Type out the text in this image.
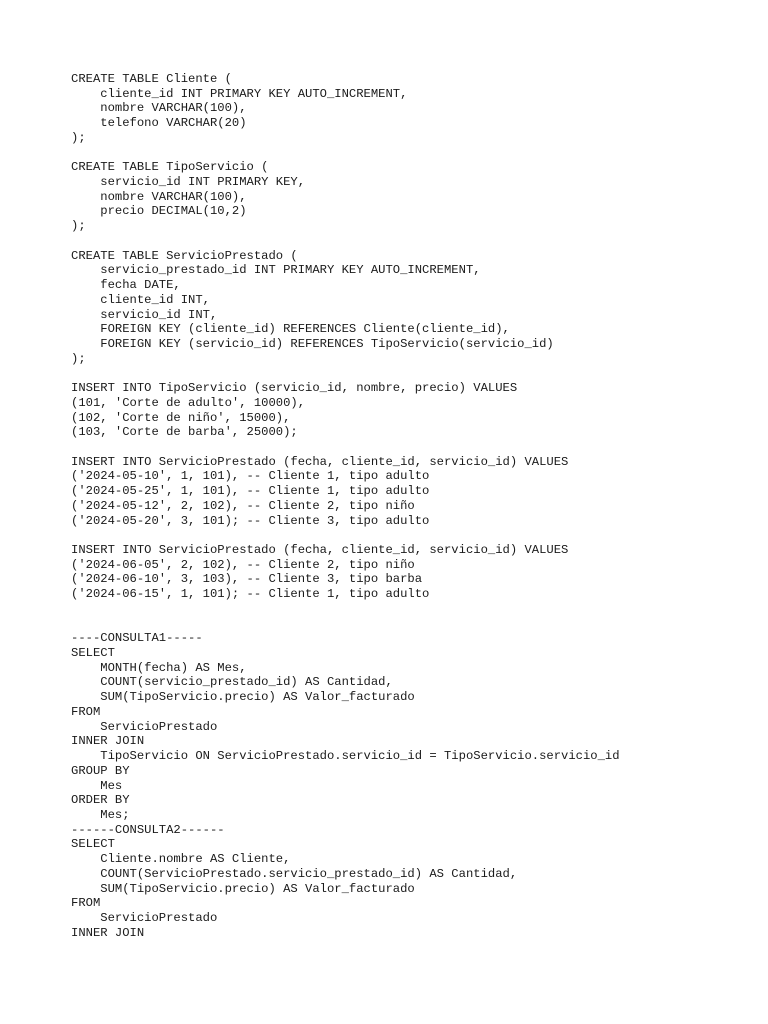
CREATE TABLE Cliente (
cliente_id INT PRIMARY KEY AUTO_INCREMENT,
nombre VARCHAR(100),
telefono VARCHAR(20)
);
CREATE TABLE TipoServicio (
servicio_id INT PRIMARY KEY,
nombre VARCHAR(100),
precio DECIMAL(10,2)
);
CREATE TABLE ServicioPrestado (
servicio_prestado_id INT PRIMARY KEY AUTO_INCREMENT,
fecha DATE,
cliente_id INT,
servicio_id INT,
FOREIGN KEY (cliente_id) REFERENCES Cliente(cliente_id),
FOREIGN KEY (servicio_id) REFERENCES TipoServicio(servicio_id)
);
INSERT INTO TipoServicio (servicio_id, nombre, precio) VALUES
(101, 'Corte de adulto', 10000),
(102, 'Corte de niño', 15000),
(103, 'Corte de barba', 25000);
INSERT INTO ServicioPrestado (fecha, cliente_id, servicio_id) VALUES
('2024-05-10', 1, 101), -- Cliente 1, tipo adulto
('2024-05-25', 1, 101), -- Cliente 1, tipo adulto
('2024-05-12', 2, 102), -- Cliente 2, tipo niño
('2024-05-20', 3, 101); -- Cliente 3, tipo adulto
INSERT INTO ServicioPrestado (fecha, cliente_id, servicio_id) VALUES
('2024-06-05', 2, 102), -- Cliente 2, tipo niño
('2024-06-10', 3, 103), -- Cliente 3, tipo barba
('2024-06-15', 1, 101); -- Cliente 1, tipo adulto
----CONSULTA1-----
SELECT
MONTH(fecha) AS Mes,
COUNT(servicio_prestado_id) AS Cantidad,
SUM(TipoServicio.precio) AS Valor_facturado
FROM
ServicioPrestado
INNER JOIN
TipoServicio ON ServicioPrestado.servicio_id = TipoServicio.servicio_id
GROUP BY
Mes
ORDER BY
Mes;
------CONSULTA2------
SELECT
Cliente.nombre AS Cliente,
COUNT(ServicioPrestado.servicio_prestado_id) AS Cantidad,
SUM(TipoServicio.precio) AS Valor_facturado
FROM
ServicioPrestado
INNER JOIN
